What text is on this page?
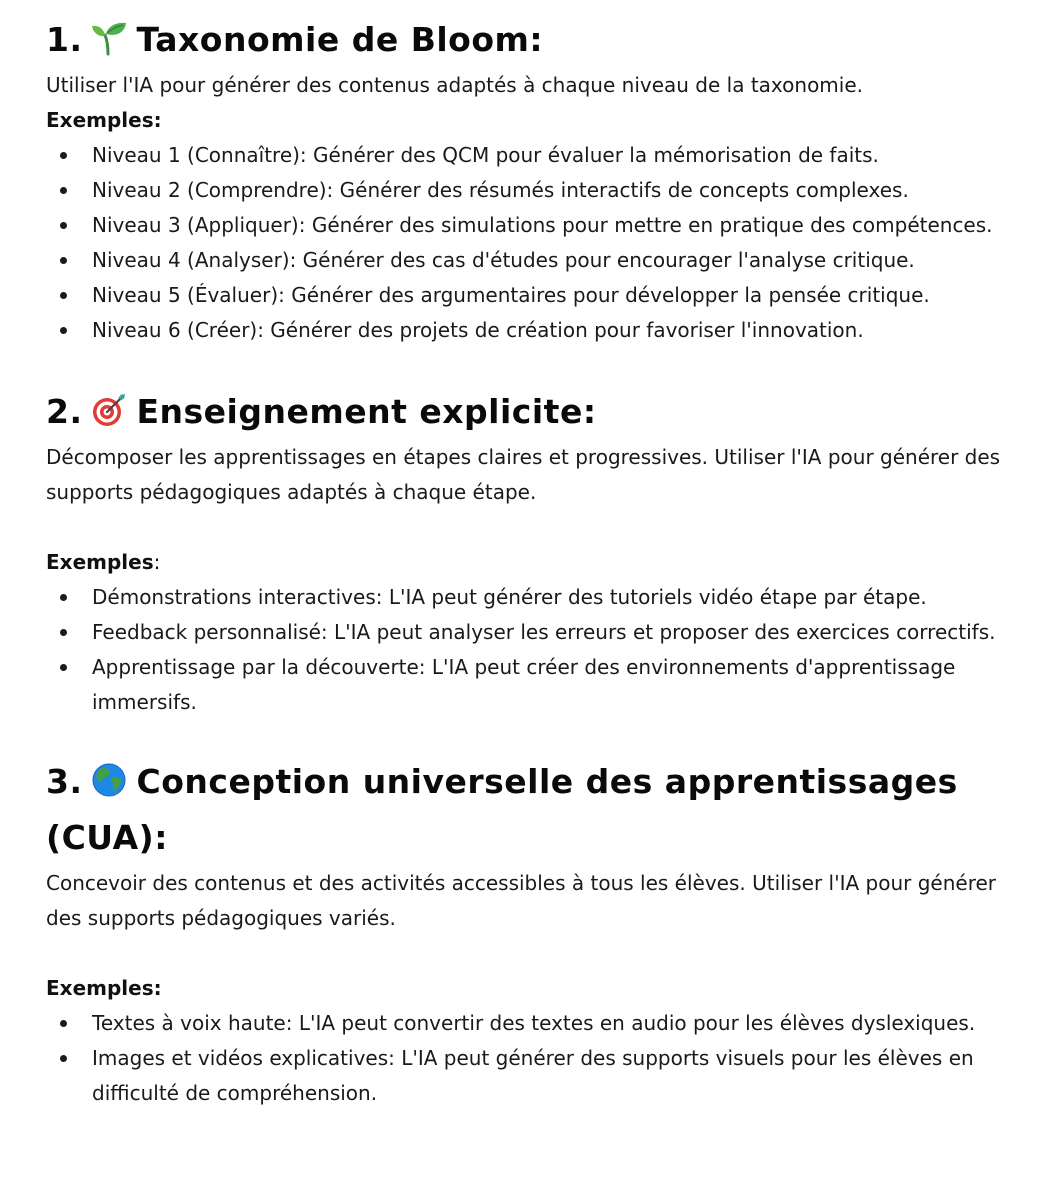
1. Taxonomie de Bloom:

Utiliser l'IA pour générer des contenus adaptés à chaque niveau de la taxonomie.

Exemples:

Niveau 1 (Connaître): Générer des QCM pour évaluer la mémorisation de faits.
Niveau 2 (Comprendre): Générer des résumés interactifs de concepts complexes.
Niveau 3 (Appliquer): Générer des simulations pour mettre en pratique des compétences.
Niveau 4 (Analyser): Générer des cas d'études pour encourager l'analyse critique.
Niveau 5 (Évaluer): Générer des argumentaires pour développer la pensée critique.
Niveau 6 (Créer): Générer des projets de création pour favoriser l'innovation.
2. Enseignement explicite:

Décomposer les apprentissages en étapes claires et progressives. Utiliser l'IA pour générer des supports pédagogiques adaptés à chaque étape.

Exemples:

Démonstrations interactives: L'IA peut générer des tutoriels vidéo étape par étape.
Feedback personnalisé: L'IA peut analyser les erreurs et proposer des exercices correctifs.
Apprentissage par la découverte: L'IA peut créer des environnements d'apprentissage immersifs.
3. Conception universelle des apprentissages
(CUA):

Concevoir des contenus et des activités accessibles à tous les élèves. Utiliser l'IA pour générer des supports pédagogiques variés.

Exemples:

Textes à voix haute: L'IA peut convertir des textes en audio pour les élèves dyslexiques.
Images et vidéos explicatives: L'IA peut générer des supports visuels pour les élèves en difficulté de compréhension.
